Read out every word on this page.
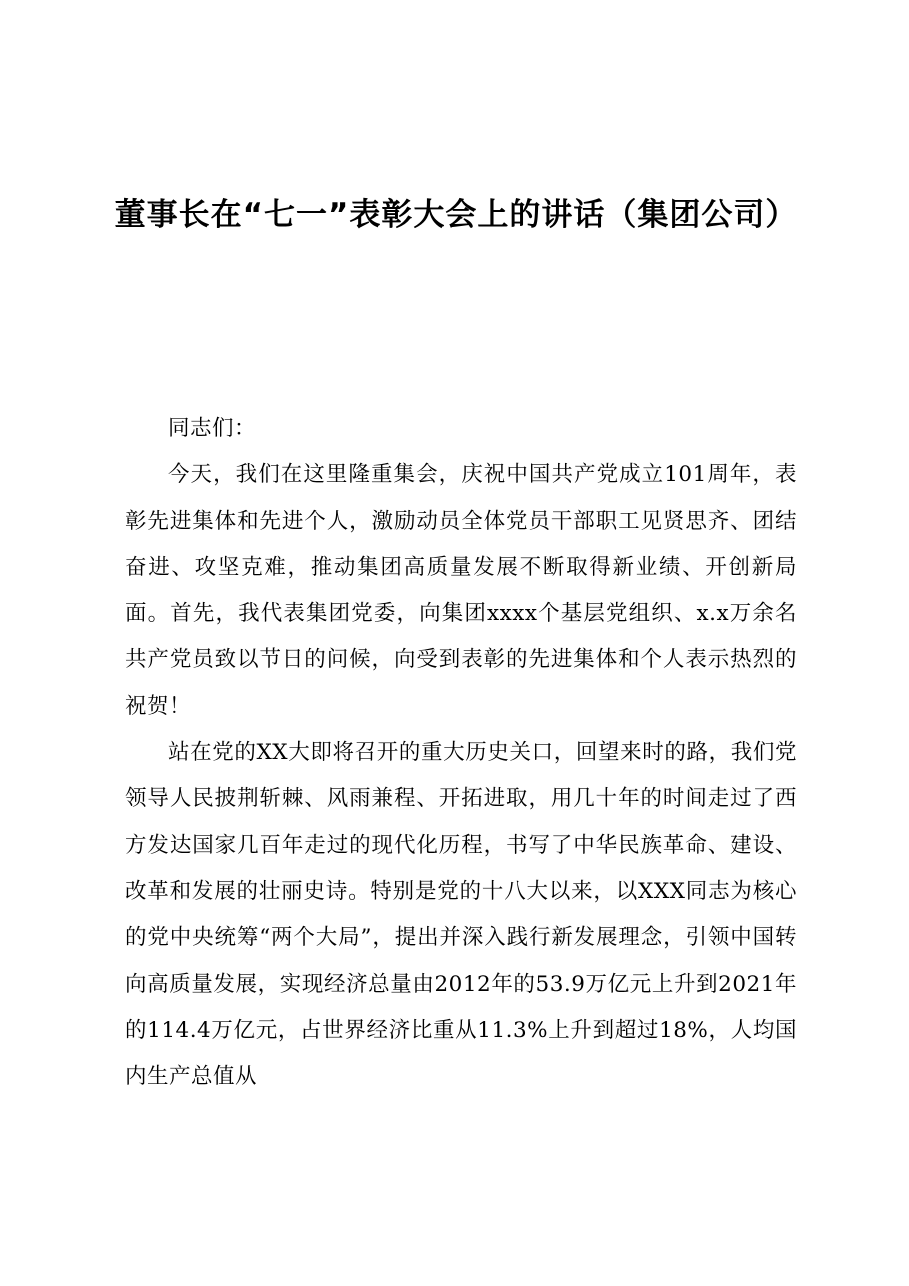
董事长在“七一”表彰大会上的讲话（集团公司）

同志们：

今天，我们在这里隆重集会，庆祝中国共产党成立101周年，表彰先进集体和先进个人，激励动员全体党员干部职工见贤思齐、团结奋进、攻坚克难，推动集团高质量发展不断取得新业绩、开创新局面。首先，我代表集团党委，向集团xxxx个基层党组织、x.x万余名共产党员致以节日的问候，向受到表彰的先进集体和个人表示热烈的祝贺！

站在党的XX大即将召开的重大历史关口，回望来时的路，我们党领导人民披荆斩棘、风雨兼程、开拓进取，用几十年的时间走过了西方发达国家几百年走过的现代化历程，书写了中华民族革命、建设、改革和发展的壮丽史诗。特别是党的十八大以来，以XXX同志为核心的党中央统筹“两个大局”，提出并深入践行新发展理念，引领中国转向高质量发展，实现经济总量由2012年的53.9万亿元上升到2021年的114.4万亿元，占世界经济比重从11.3%上升到超过18%，人均国内生产总值从
